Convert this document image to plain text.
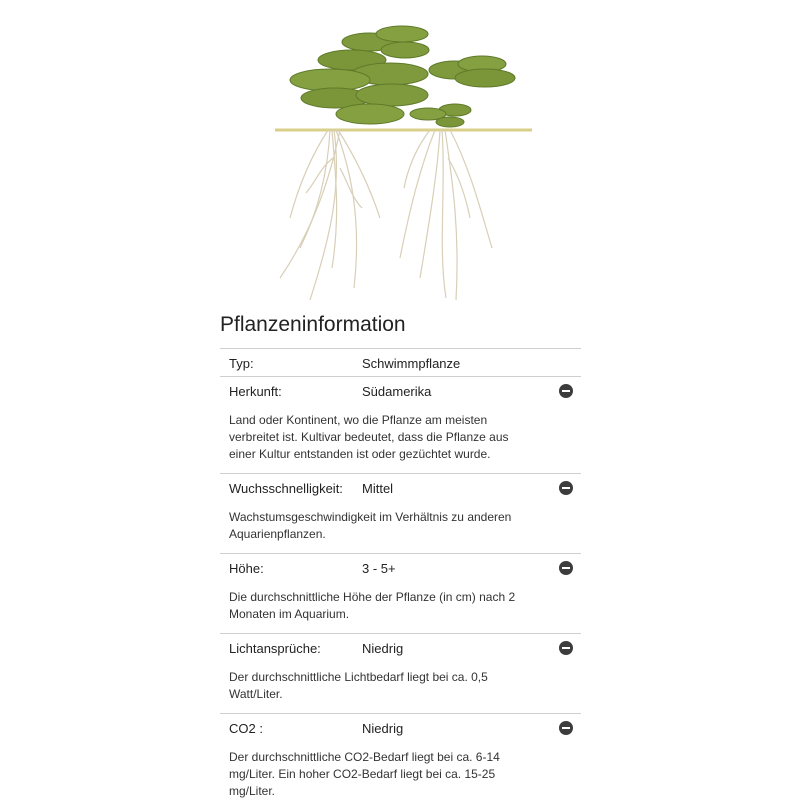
Pflanzeninformation
Typ:	Schwimmpflanze
Herkunft:	Südamerika
Land oder Kontinent, wo die Pflanze am meisten
verbreitet ist. Kultivar bedeutet, dass die Pflanze aus
einer Kultur entstanden ist oder gezüchtet wurde.
Wuchsschnelligkeit: Mittel
Wachstumsgeschwindigkeit im Verhältnis zu anderen
Aquarienpflanzen.
Höhe:	3 - 5+
Die durchschnittliche Höhe der Pflanze (in cm) nach 2
Monaten im Aquarium.
Lichtansprüche:	Niedrig
Der durchschnittliche Lichtbedarf liegt bei ca. 0,5
Watt/Liter.
CO2 :	Niedrig
Der durchschnittliche CO2-Bedarf liegt bei ca. 6-14
mg/Liter. Ein hoher CO2-Bedarf liegt bei ca. 15-25
mg/Liter.
